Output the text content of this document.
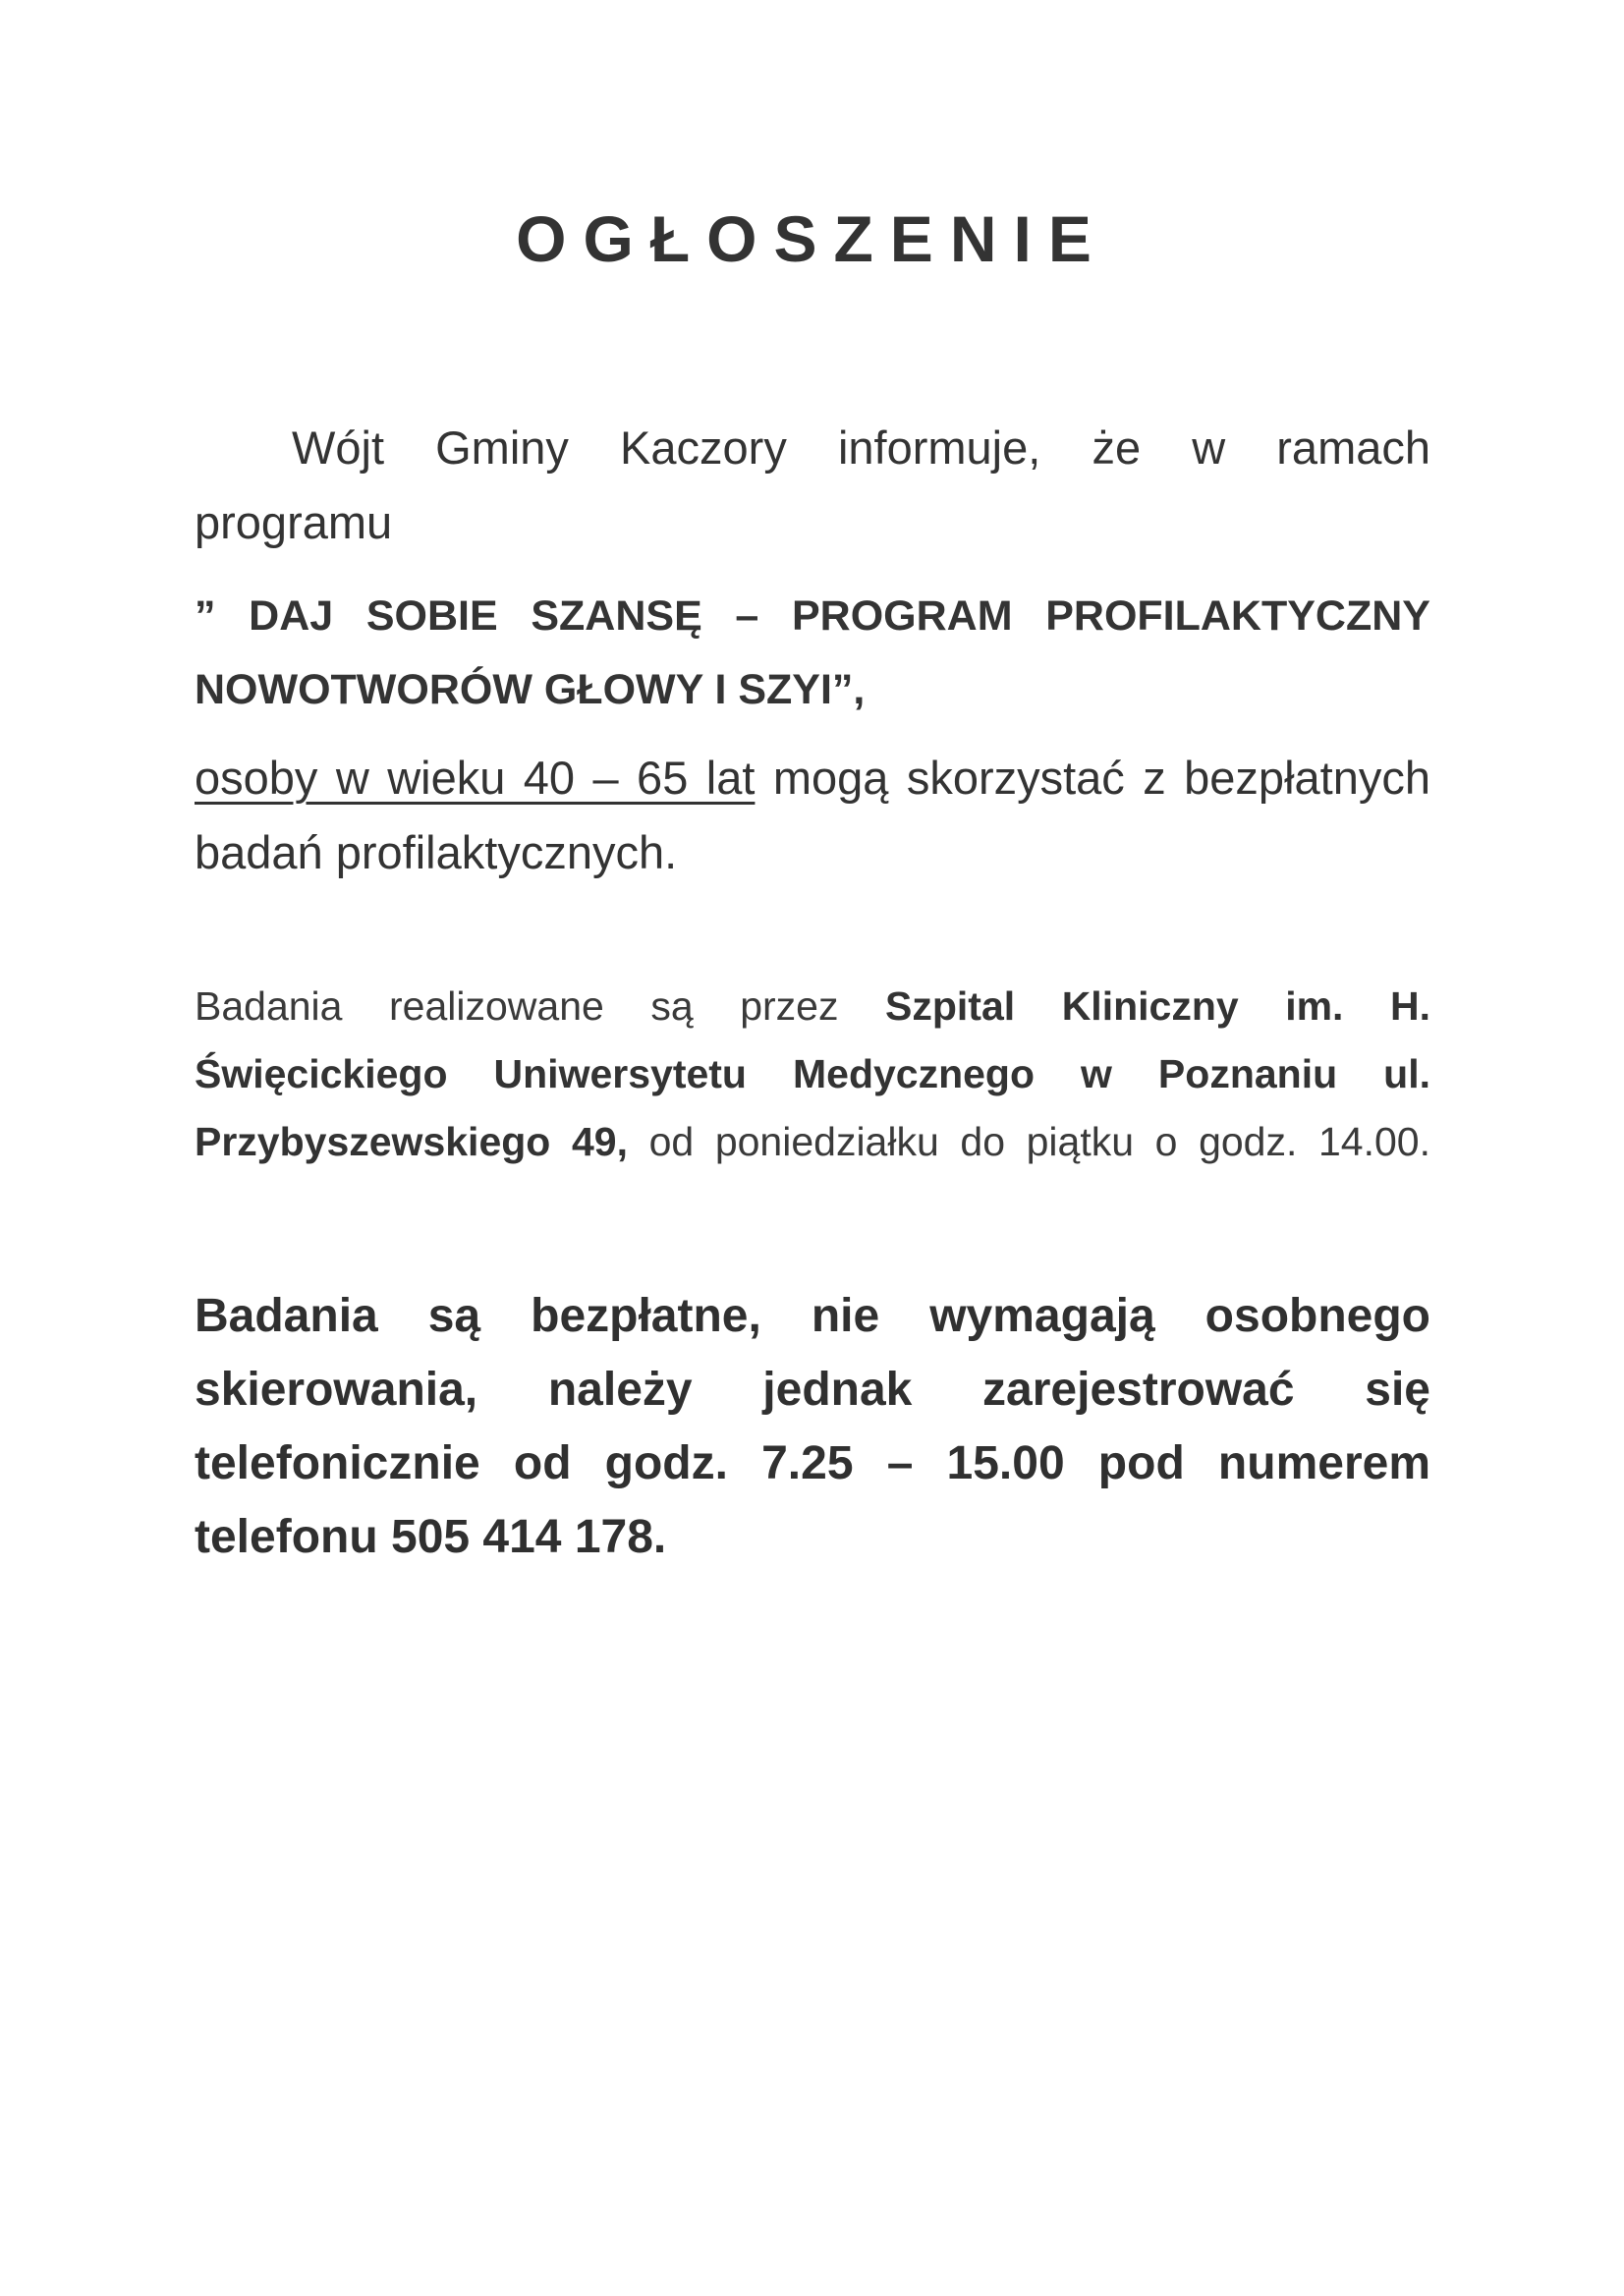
OGŁOSZENIE

Wójt Gminy Kaczory informuje, że w ramach
programu

” DAJ SOBIE SZANSĘ – PROGRAM PROFILAKTYCZNY
NOWOTWORÓW GŁOWY I SZYI”,

osoby w wieku 40 – 65 lat mogą skorzystać z bezpłatnych
badań profilaktycznych.

Badania realizowane są przez Szpital Kliniczny im. H.
Święcickiego Uniwersytetu Medycznego w Poznaniu ul.
Przybyszewskiego 49, od poniedziałku do piątku o godz. 14.00.

Badania są bezpłatne, nie wymagają osobnego
skierowania, należy jednak zarejestrować się
telefonicznie od godz. 7.25 – 15.00 pod numerem
telefonu 505 414 178.
